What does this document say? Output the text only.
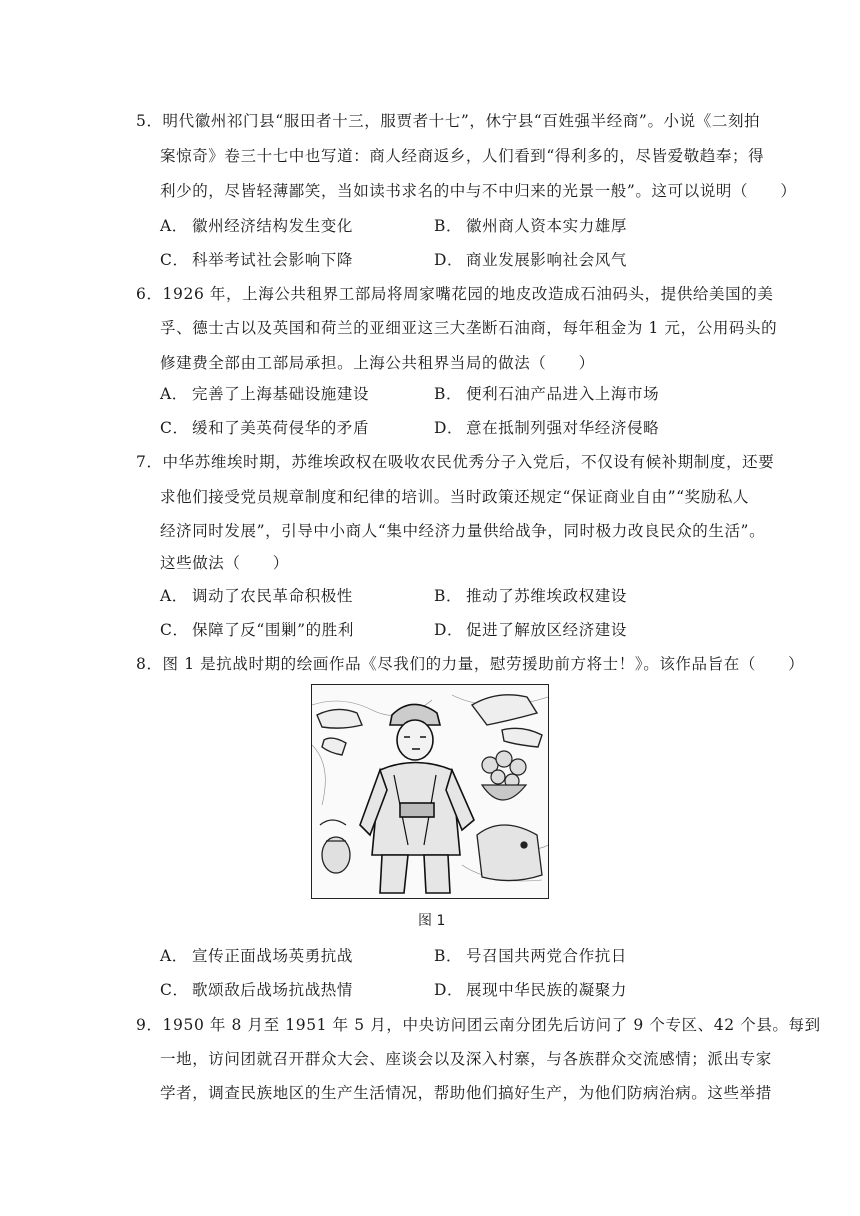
5．明代徽州祁门县“服田者十三，服贾者十七”，休宁县“百姓强半经商”。小说《二刻拍
案惊奇》卷三十七中也写道：商人经商返乡，人们看到“得利多的，尽皆爱敬趋奉；得
利少的，尽皆轻薄鄙笑，当如读书求名的中与不中归来的光景一般”。这可以说明（　　）
A． 徽州经济结构发生变化	B． 徽州商人资本实力雄厚
C． 科举考试社会影响下降	D． 商业发展影响社会风气
6．1926 年，上海公共租界工部局将周家嘴花园的地皮改造成石油码头，提供给美国的美
孚、德士古以及英国和荷兰的亚细亚这三大垄断石油商，每年租金为 1 元，公用码头的
修建费全部由工部局承担。上海公共租界当局的做法（　　）
A． 完善了上海基础设施建设	B． 便利石油产品进入上海市场
C． 缓和了美英荷侵华的矛盾	D． 意在抵制列强对华经济侵略
7．中华苏维埃时期，苏维埃政权在吸收农民优秀分子入党后，不仅设有候补期制度，还要
求他们接受党员规章制度和纪律的培训。当时政策还规定“保证商业自由”“奖励私人
经济同时发展”，引导中小商人“集中经济力量供给战争，同时极力改良民众的生活”。
这些做法（　　）
A． 调动了农民革命积极性	B． 推动了苏维埃政权建设
C． 保障了反“围剿”的胜利	D． 促进了解放区经济建设
8．图 1 是抗战时期的绘画作品《尽我们的力量，慰劳援助前方将士！》。该作品旨在（　　）
图 1
A． 宣传正面战场英勇抗战	B． 号召国共两党合作抗日
C． 歌颂敌后战场抗战热情	D． 展现中华民族的凝聚力
9．1950 年 8 月至 1951 年 5 月，中央访问团云南分团先后访问了 9 个专区、42 个县。每到
一地，访问团就召开群众大会、座谈会以及深入村寨，与各族群众交流感情；派出专家
学者，调查民族地区的生产生活情况，帮助他们搞好生产，为他们防病治病。这些举措
